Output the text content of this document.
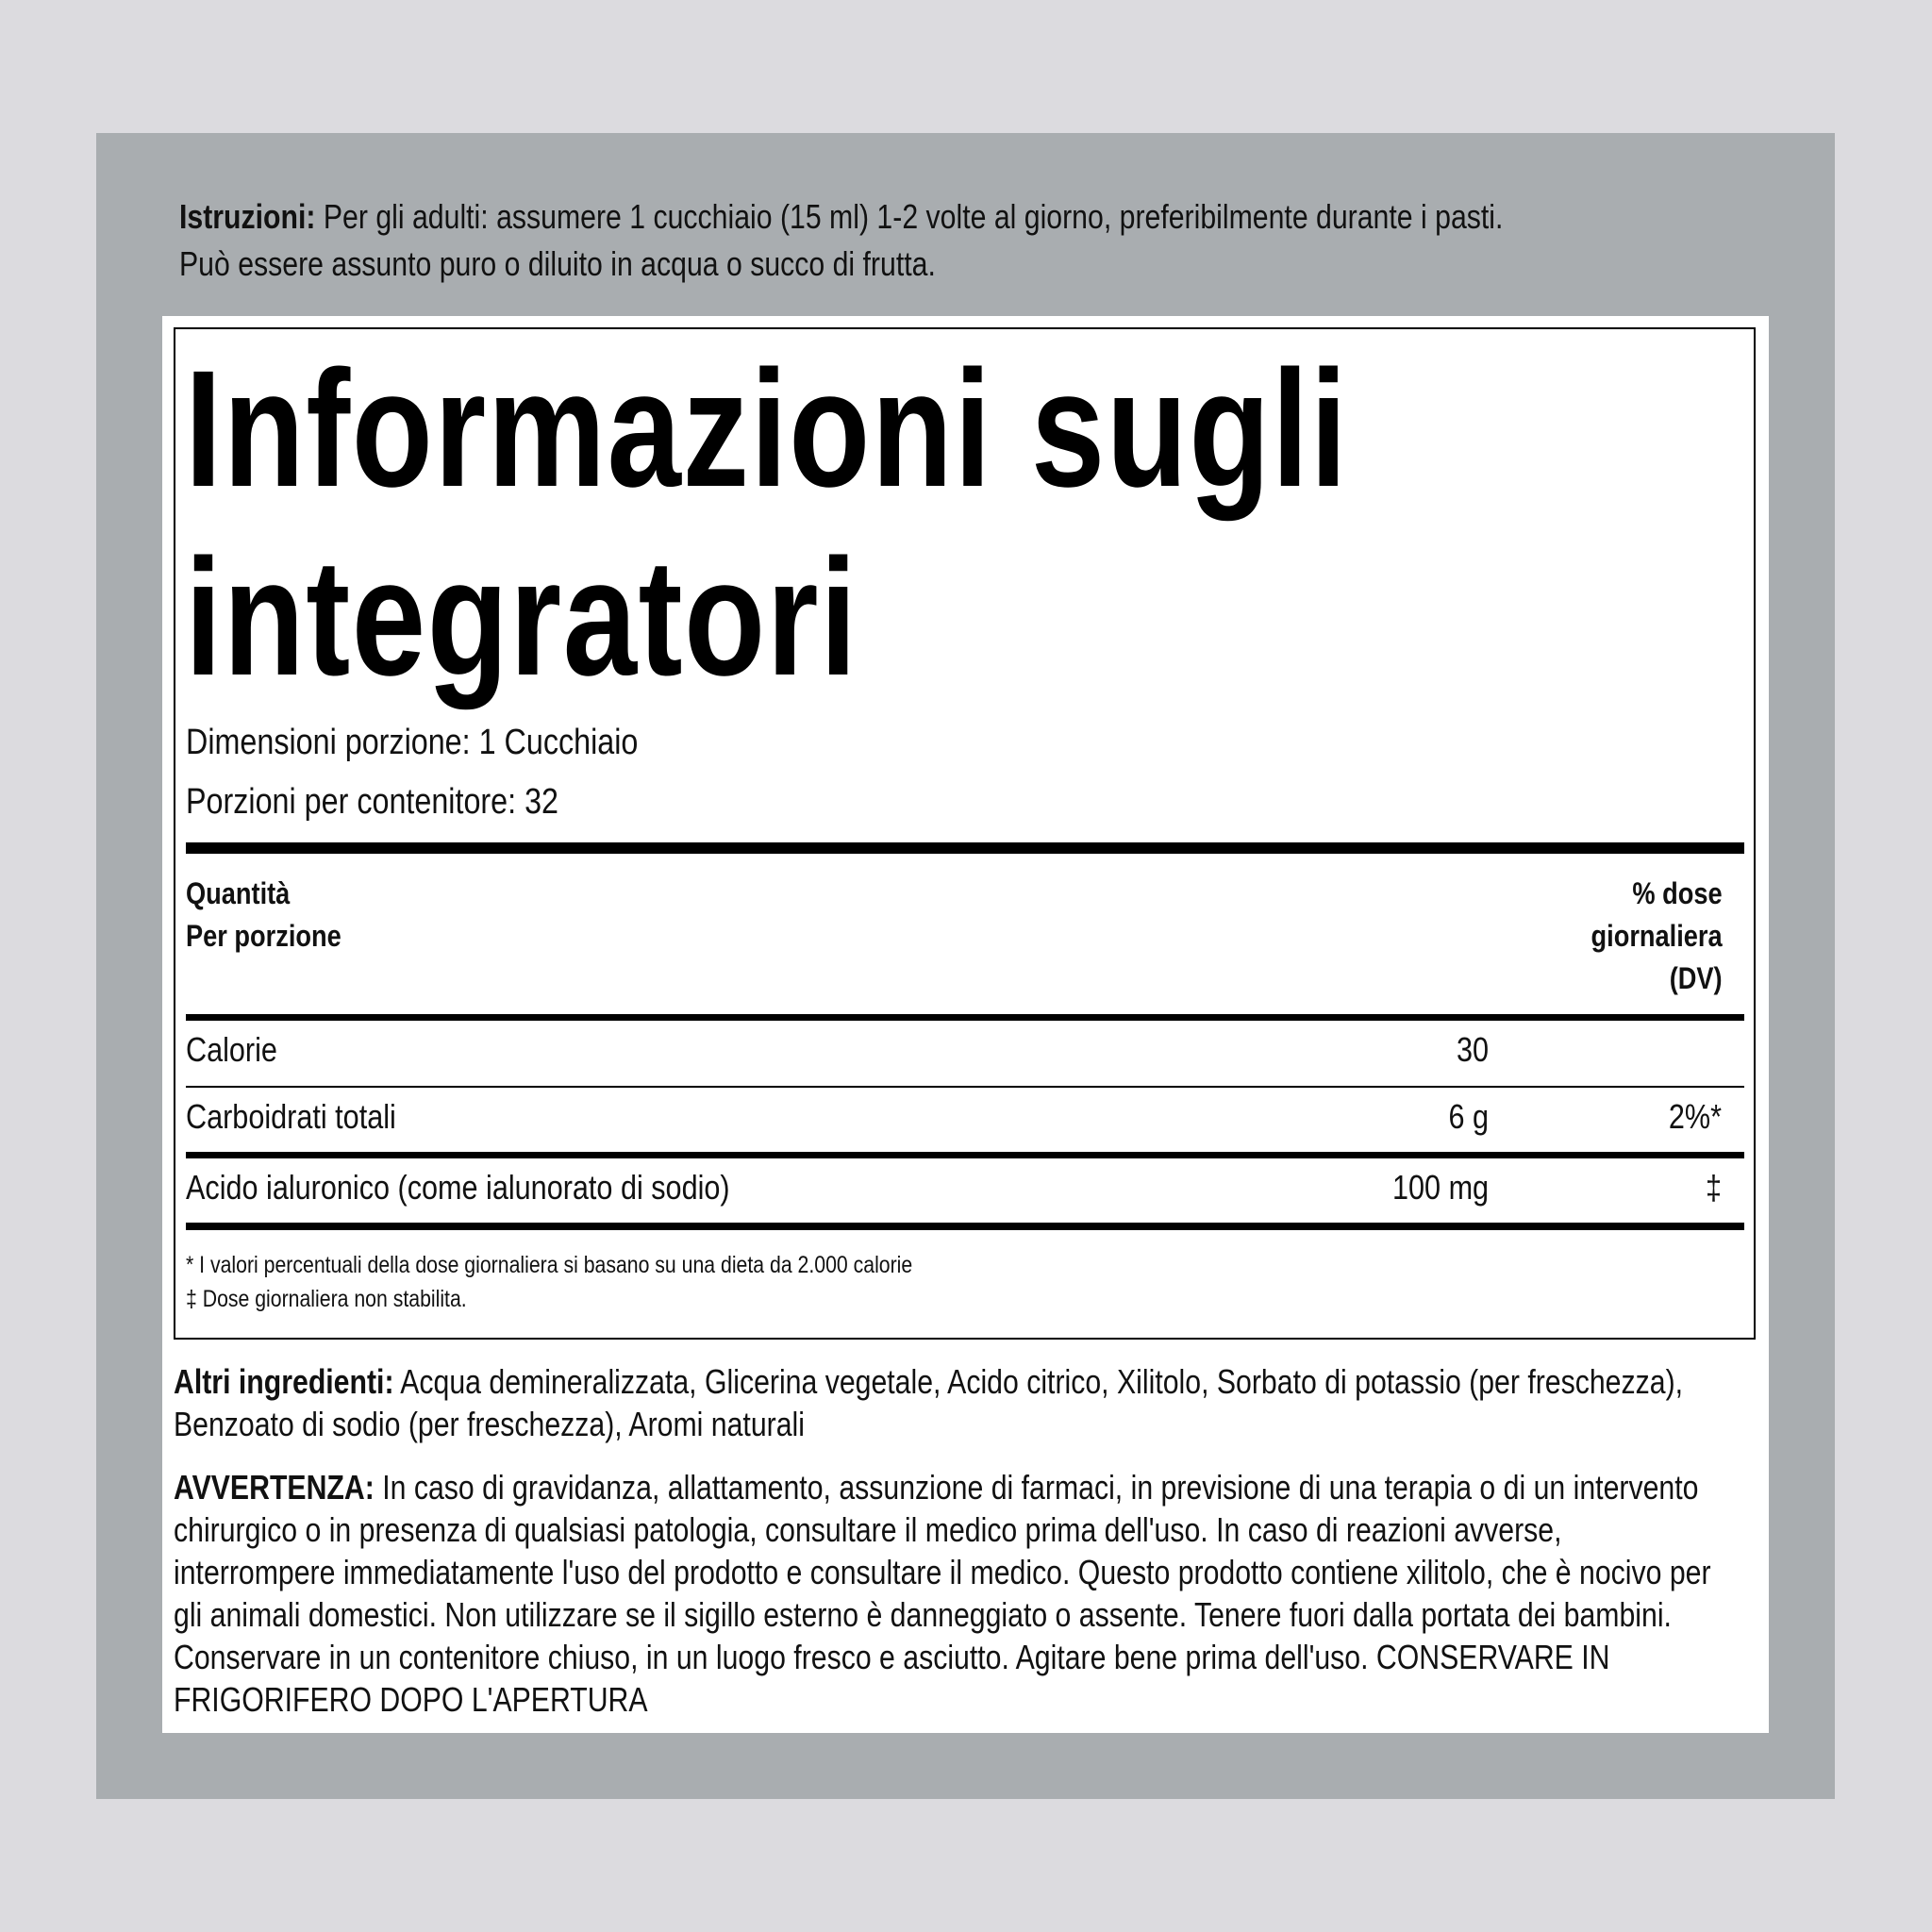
Istruzioni: Per gli adulti: assumere 1 cucchiaio (15 ml) 1-2 volte al giorno, preferibilmente durante i pasti. Può essere assunto puro o diluito in acqua o succo di frutta.
Informazioni sugli integratori
Dimensioni porzione: 1 Cucchiaio
Porzioni per contenitore: 32
Quantità
Per porzione
% dose
giornaliera
(DV)
Calorie	30
Carboidrati totali	6 g	2%*
Acido ialuronico (come ialunorato di sodio)	100 mg	‡
* I valori percentuali della dose giornaliera si basano su una dieta da 2.000 calorie
‡ Dose giornaliera non stabilita.
Altri ingredienti: Acqua demineralizzata, Glicerina vegetale, Acido citrico, Xilitolo, Sorbato di potassio (per freschezza), Benzoato di sodio (per freschezza), Aromi naturali
AVVERTENZA: In caso di gravidanza, allattamento, assunzione di farmaci, in previsione di una terapia o di un intervento chirurgico o in presenza di qualsiasi patologia, consultare il medico prima dell'uso. In caso di reazioni avverse, interrompere immediatamente l'uso del prodotto e consultare il medico. Questo prodotto contiene xilitolo, che è nocivo per gli animali domestici. Non utilizzare se il sigillo esterno è danneggiato o assente. Tenere fuori dalla portata dei bambini. Conservare in un contenitore chiuso, in un luogo fresco e asciutto. Agitare bene prima dell'uso. CONSERVARE IN FRIGORIFERO DOPO L'APERTURA
